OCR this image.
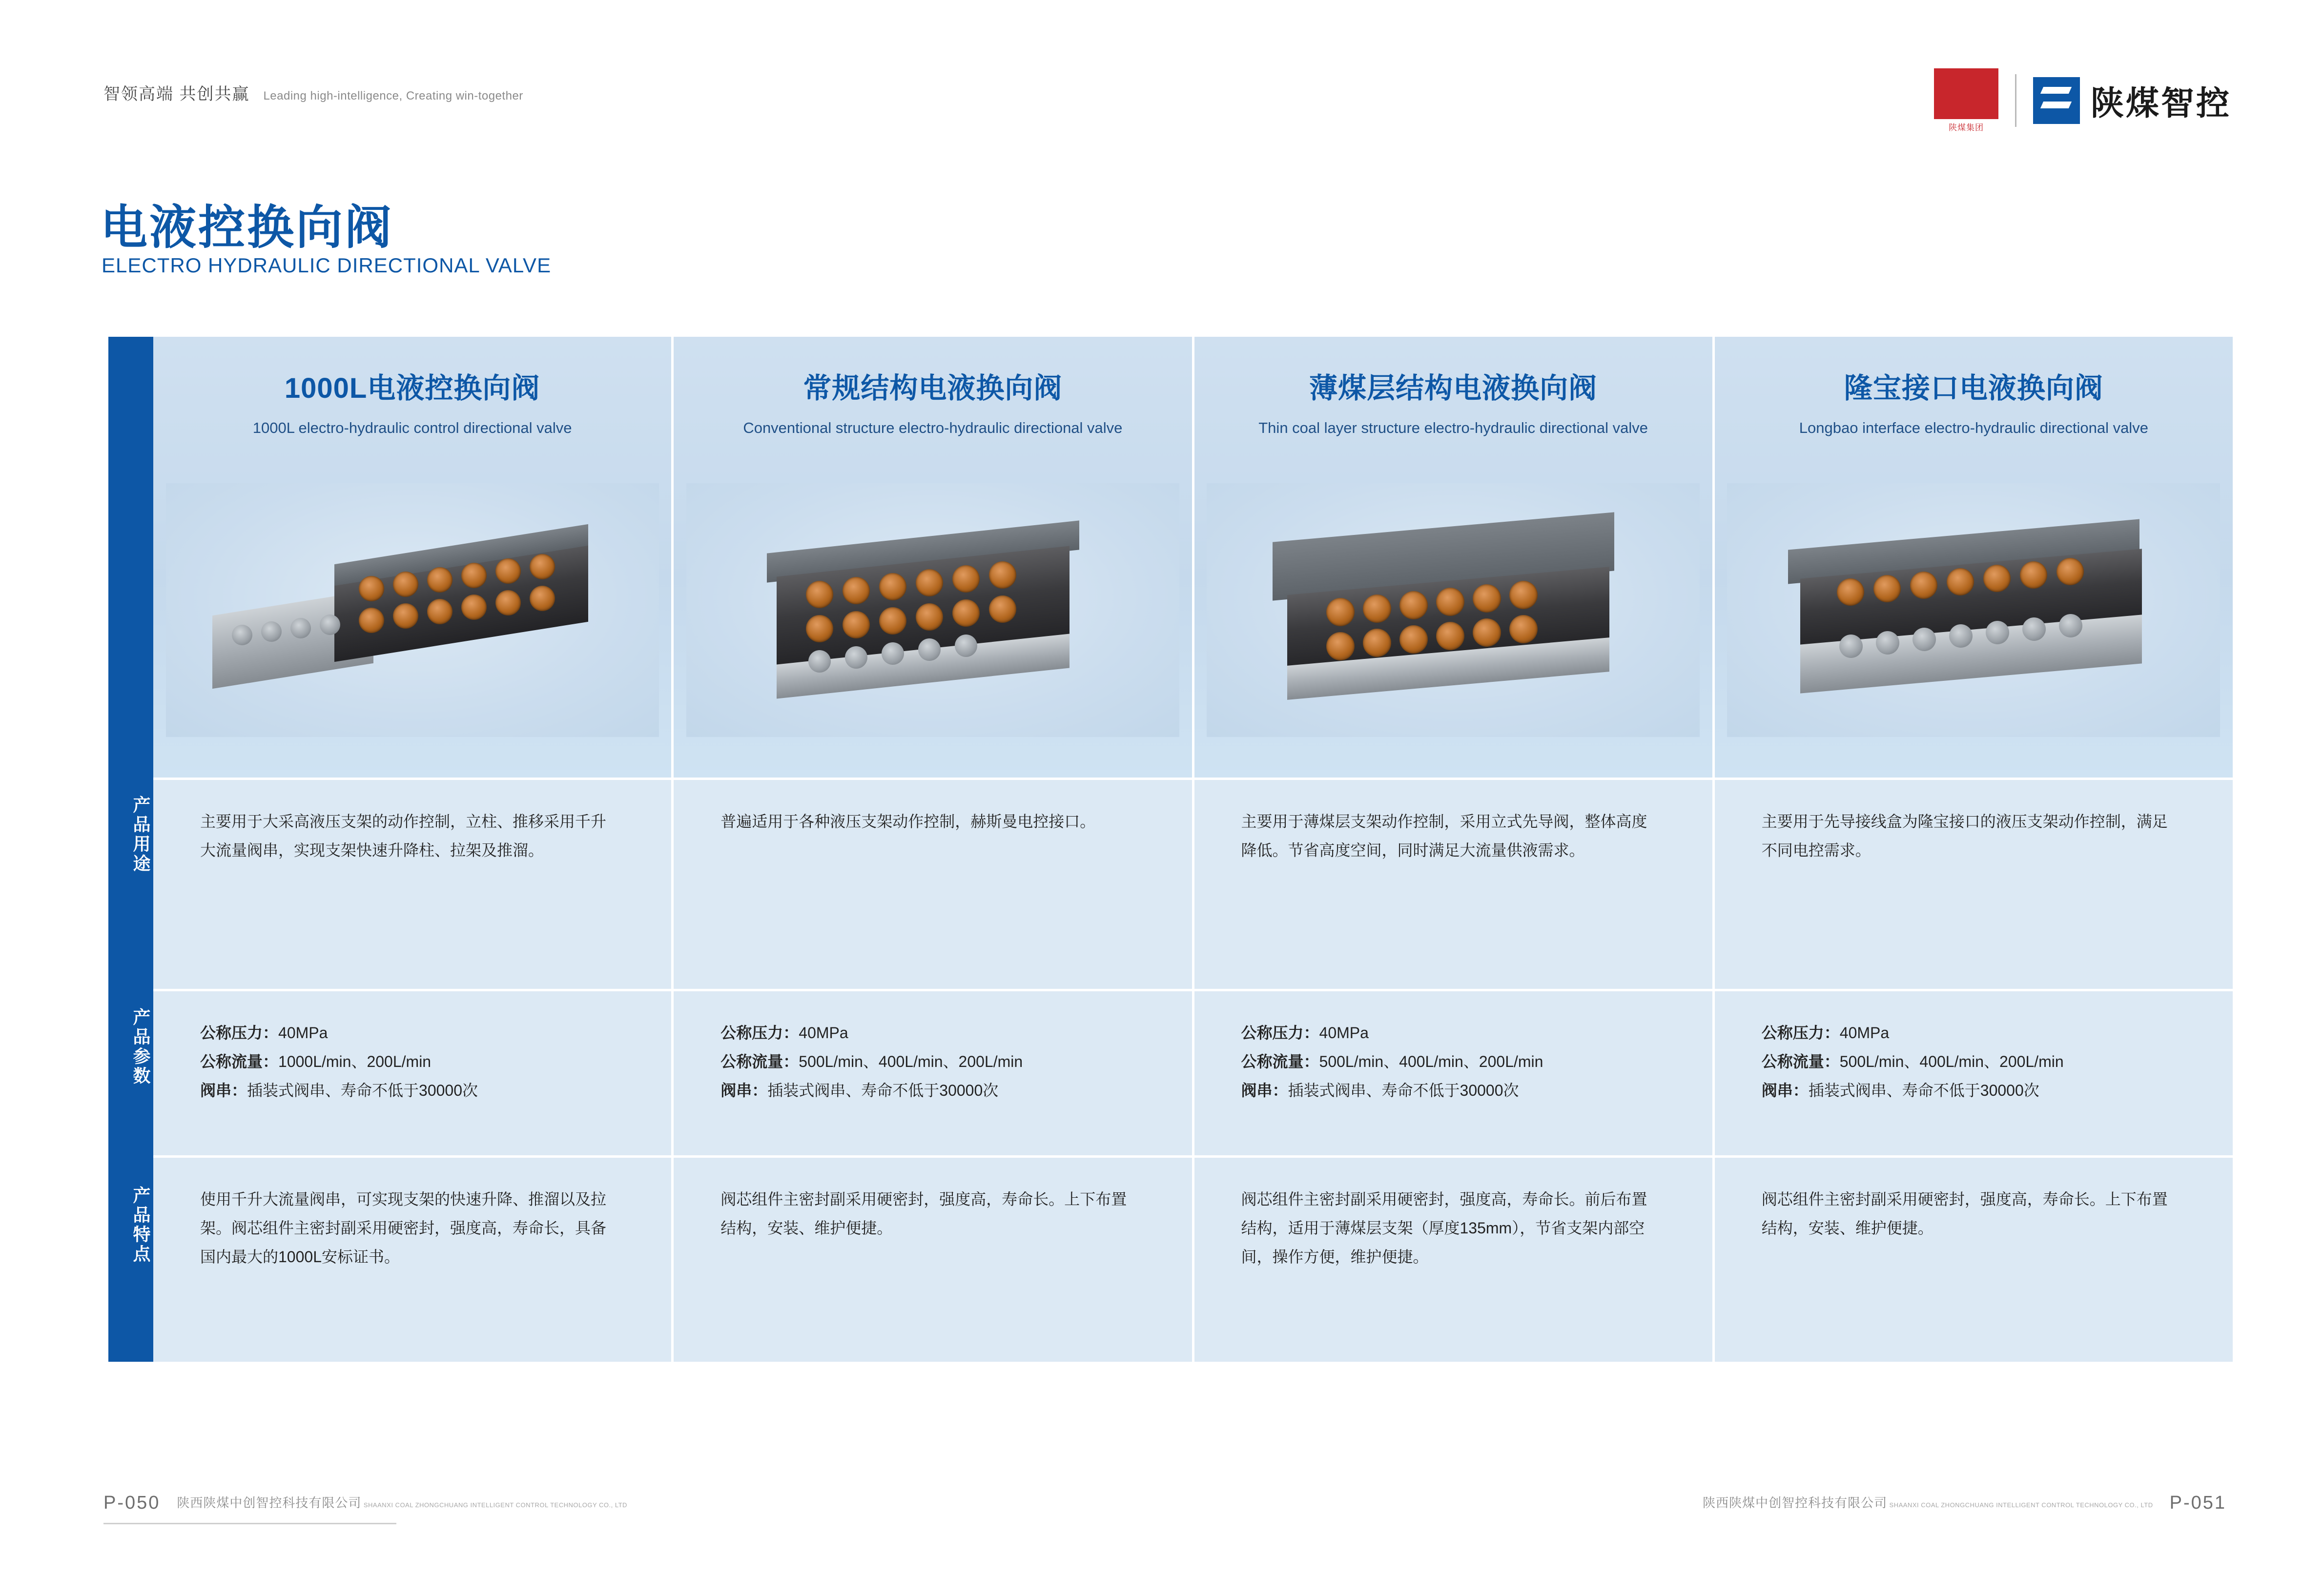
智领高端 共创共赢 Leading high-intelligence, Creating win-together
陕煤集团
陕煤智控
电液控换向阀
ELECTRO HYDRAULIC DIRECTIONAL VALVE
产品用途
产品参数
产品特点
1000L电液控换向阀
1000L electro-hydraulic control directional valve
常规结构电液换向阀
Conventional structure electro-hydraulic directional valve
薄煤层结构电液换向阀
Thin coal layer structure electro-hydraulic directional valve
隆宝接口电液换向阀
Longbao interface electro-hydraulic directional valve
主要用于大采高液压支架的动作控制，立柱、推移采用千升大流量阀串，实现支架快速升降柱、拉架及推溜。
普遍适用于各种液压支架动作控制，赫斯曼电控接口。	主要用于薄煤层支架动作控制，采用立式先导阀，整体高度降低。节省高度空间，同时满足大流量供液需求。
主要用于先导接线盒为隆宝接口的液压支架动作控制，满足不同电控需求。
公称压力：40MPa
公称流量：1000L/min、200L/min
阀串：插装式阀串、寿命不低于30000次
公称压力：40MPa
公称流量：500L/min、400L/min、200L/min
阀串：插装式阀串、寿命不低于30000次
公称压力：40MPa
公称流量：500L/min、400L/min、200L/min
阀串：插装式阀串、寿命不低于30000次
公称压力：40MPa
公称流量：500L/min、400L/min、200L/min
阀串：插装式阀串、寿命不低于30000次
使用千升大流量阀串，可实现支架的快速升降、推溜以及拉架。阀芯组件主密封副采用硬密封，强度高，寿命长，具备国内最大的1000L安标证书。
阀芯组件主密封副采用硬密封，强度高，寿命长。上下布置结构，安装、维护便捷。
阀芯组件主密封副采用硬密封，强度高，寿命长。前后布置结构，适用于薄煤层支架（厚度135mm），节省支架内部空间，操作方便，维护便捷。
阀芯组件主密封副采用硬密封，强度高，寿命长。上下布置结构，安装、维护便捷。
P-050 陕西陕煤中创智控科技有限公司 SHAANXI COAL ZHONGCHUANG INTELLIGENT CONTROL TECHNOLOGY CO., LTD	陕西陕煤中创智控科技有限公司 SHAANXI COAL ZHONGCHUANG INTELLIGENT CONTROL TECHNOLOGY CO., LTD P-051
